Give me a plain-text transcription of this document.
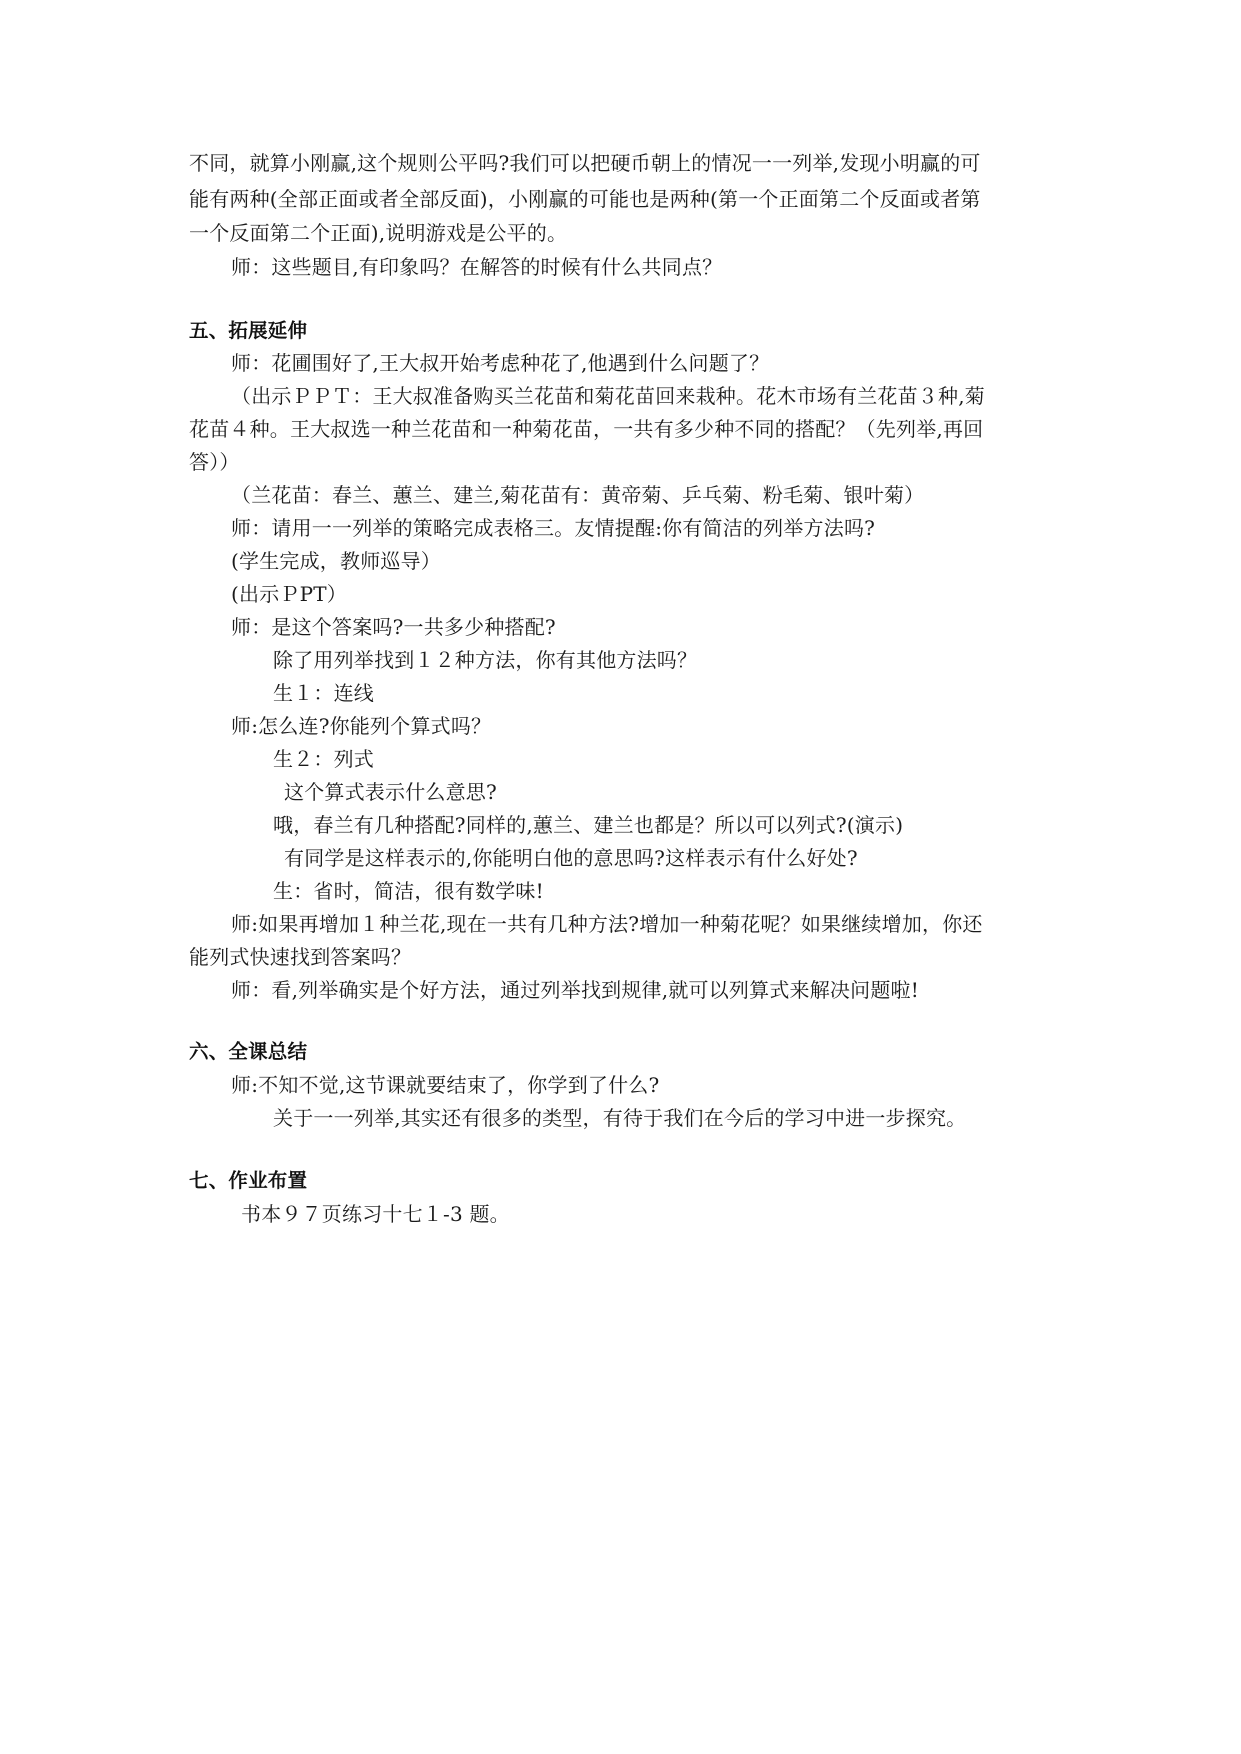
不同，就算小刚赢,这个规则公平吗?我们可以把硬币朝上的情况一一列举,发现小明赢的可
能有两种(全部正面或者全部反面)，小刚赢的可能也是两种(第一个正面第二个反面或者第
一个反面第二个正面),说明游戏是公平的。
师：这些题目,有印象吗？在解答的时候有什么共同点？
五、拓展延伸
师：花圃围好了,王大叔开始考虑种花了,他遇到什么问题了？
（出示ＰＰＴ：王大叔准备购买兰花苗和菊花苗回来栽种。花木市场有兰花苗３种,菊
花苗４种。王大叔选一种兰花苗和一种菊花苗，一共有多少种不同的搭配？（先列举,再回
答））
（兰花苗：春兰、蕙兰、建兰,菊花苗有：黄帝菊、乒乓菊、粉毛菊、银叶菊）
师：请用一一列举的策略完成表格三。友情提醒:你有简洁的列举方法吗?
(学生完成，教师巡导）
(出示ＰPT）
师：是这个答案吗?一共多少种搭配?
除了用列举找到１２种方法，你有其他方法吗？
生１：连线
师:怎么连?你能列个算式吗？
生２：列式
这个算式表示什么意思?
哦，春兰有几种搭配?同样的,蕙兰、建兰也都是？所以可以列式?(演示)
有同学是这样表示的,你能明白他的意思吗?这样表示有什么好处?
生：省时，简洁，很有数学味!
师:如果再增加１种兰花,现在一共有几种方法?增加一种菊花呢？如果继续增加，你还
能列式快速找到答案吗？
师：看,列举确实是个好方法，通过列举找到规律,就可以列算式来解决问题啦!
六、全课总结
师:不知不觉,这节课就要结束了，你学到了什么?
关于一一列举,其实还有很多的类型，有待于我们在今后的学习中进一步探究。
七、作业布置
书本９７页练习十七１-3 题。
